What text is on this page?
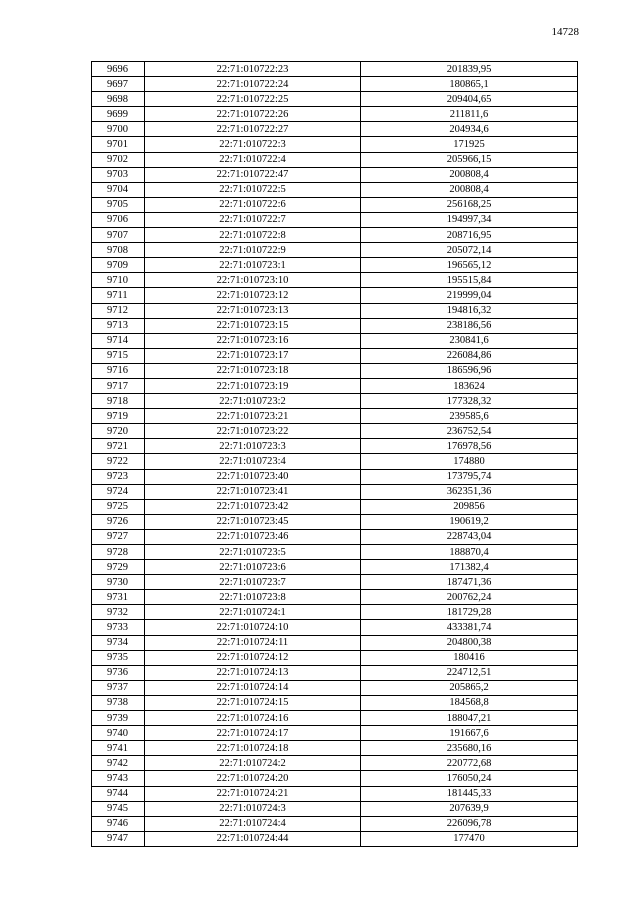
14728
9696	22:71:010722:23	201839,95
9697	22:71:010722:24	180865,1
9698	22:71:010722:25	209404,65
9699	22:71:010722:26	211811,6
9700	22:71:010722:27	204934,6
9701	22:71:010722:3	171925
9702	22:71:010722:4	205966,15
9703	22:71:010722:47	200808,4
9704	22:71:010722:5	200808,4
9705	22:71:010722:6	256168,25
9706	22:71:010722:7	194997,34
9707	22:71:010722:8	208716,95
9708	22:71:010722:9	205072,14
9709	22:71:010723:1	196565,12
9710	22:71:010723:10	195515,84
9711	22:71:010723:12	219999,04
9712	22:71:010723:13	194816,32
9713	22:71:010723:15	238186,56
9714	22:71:010723:16	230841,6
9715	22:71:010723:17	226084,86
9716	22:71:010723:18	186596,96
9717	22:71:010723:19	183624
9718	22:71:010723:2	177328,32
9719	22:71:010723:21	239585,6
9720	22:71:010723:22	236752,54
9721	22:71:010723:3	176978,56
9722	22:71:010723:4	174880
9723	22:71:010723:40	173795,74
9724	22:71:010723:41	362351,36
9725	22:71:010723:42	209856
9726	22:71:010723:45	190619,2
9727	22:71:010723:46	228743,04
9728	22:71:010723:5	188870,4
9729	22:71:010723:6	171382,4
9730	22:71:010723:7	187471,36
9731	22:71:010723:8	200762,24
9732	22:71:010724:1	181729,28
9733	22:71:010724:10	433381,74
9734	22:71:010724:11	204800,38
9735	22:71:010724:12	180416
9736	22:71:010724:13	224712,51
9737	22:71:010724:14	205865,2
9738	22:71:010724:15	184568,8
9739	22:71:010724:16	188047,21
9740	22:71:010724:17	191667,6
9741	22:71:010724:18	235680,16
9742	22:71:010724:2	220772,68
9743	22:71:010724:20	176050,24
9744	22:71:010724:21	181445,33
9745	22:71:010724:3	207639,9
9746	22:71:010724:4	226096,78
9747	22:71:010724:44	177470
